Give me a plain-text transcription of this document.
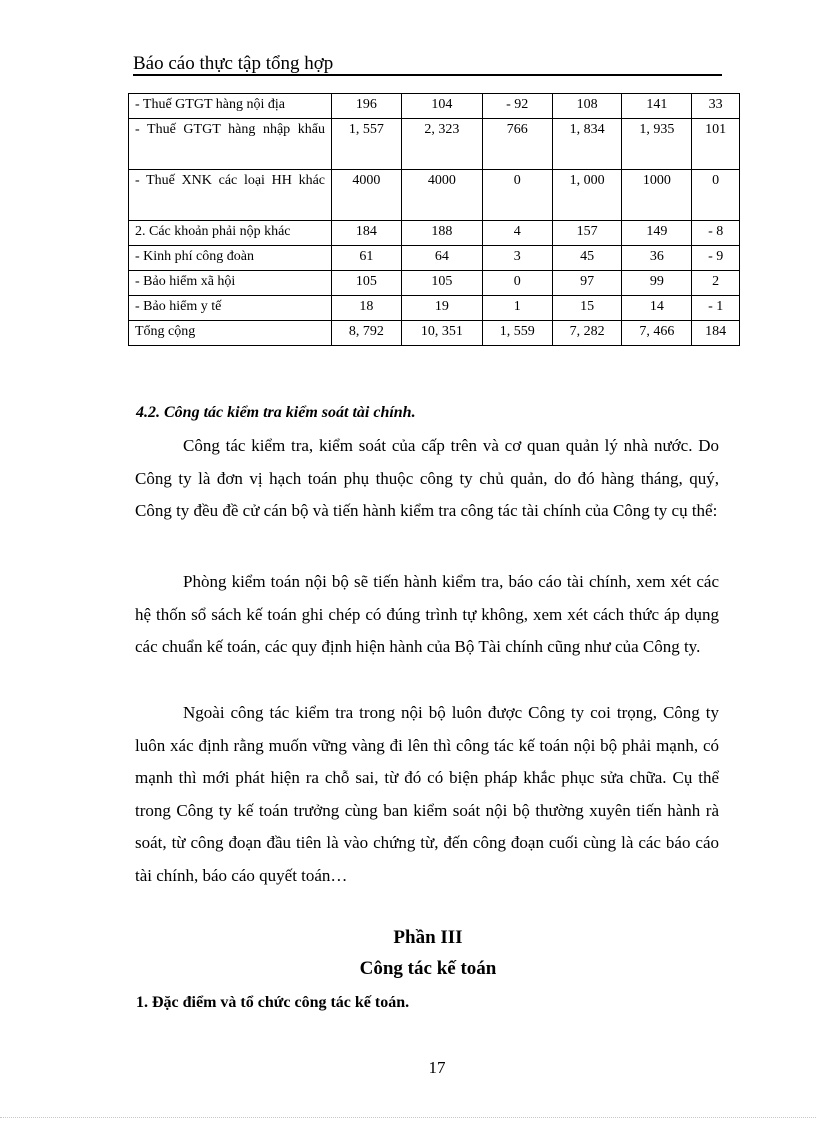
Báo cáo thực tập tổng hợp
- Thuế GTGT hàng nội địa	196	104	- 92	108	141	33

- Thuế GTGT hàng nhập khẩu	1, 557	2, 323	766	1, 834	1, 935	101

- Thuế XNK các loại HH khác	4000	4000	0	1, 000	1000	0
2. Các khoản phải nộp khác	184	188	4	157	149	- 8
- Kinh phí công đoàn	61	64	3	45	36	- 9
- Bảo hiểm xã hội	105	105	0	97	99	2
- Bảo hiểm y tế	18	19	1	15	14	- 1
Tổng cộng	8, 792	10, 351	1, 559	7, 282	7, 466	184
4.2. Công tác kiểm tra kiểm soát tài chính.

Công tác kiểm tra, kiểm soát của cấp trên và cơ quan quản lý nhà nước. Do Công ty là đơn vị hạch toán phụ thuộc công ty chủ quản, do đó hàng tháng, quý, Công ty đều đề cử cán bộ và tiến hành kiểm tra công tác tài chính của Công ty cụ thể:

Phòng kiểm toán nội bộ sẽ tiến hành kiểm tra, báo cáo tài chính, xem xét các hệ thốn sổ sách kế toán ghi chép có đúng trình tự không, xem xét cách thức áp dụng các chuẩn kế toán, các quy định hiện hành của Bộ Tài chính cũng như của Công ty.

Ngoài công tác kiểm tra trong nội bộ luôn được Công ty coi trọng, Công ty luôn xác định rằng muốn vững vàng đi lên thì công tác kế toán nội bộ phải mạnh, có mạnh thì mới phát hiện ra chỗ sai, từ đó có biện pháp khắc phục sửa chữa. Cụ thể trong Công ty kế toán trưởng cùng ban kiểm soát nội bộ thường xuyên tiến hành rà soát, từ công đoạn đầu tiên là vào chứng từ, đến công đoạn cuối cùng là các báo cáo tài chính, báo cáo quyết toán…

Phần III
Công tác kế toán
1. Đặc điểm và tổ chức công tác kế toán.
17
